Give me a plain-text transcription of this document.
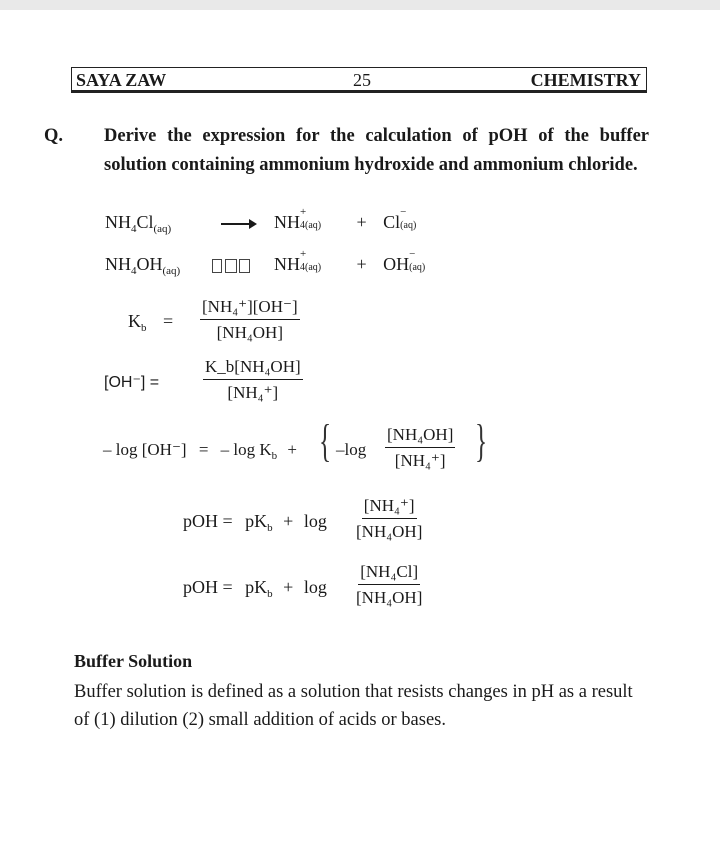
SAYA ZAW	25	CHEMISTRY
Q. Derive the expression for the calculation of pOH of the buffer solution containing ammonium hydroxide and ammonium chloride.
$NH_4Cl_{(aq)}$	NH +
4(aq) + Cl −
(aq)
$NH_4OH_{(aq)}$	NH +
4(aq) + OH −
(aq)
$K_b = \frac{\text{[NH₄⁺][OH⁻]}}{\text{[NH₄OH]}}$
[OH⁻] =	$\frac{\text{K\_b[NH₄OH]}}{\text{[NH₄⁺]}}$
– log [OH⁻] = – $\log K_b$ + { $-\log \frac{\text{[NH₄OH]}}{\text{[NH₄⁺]}}$ }
pOH = $pK_b + \log \frac{\text{[NH₄⁺]}}{\text{[NH₄OH]}}$
pOH = $pK_b + \log \frac{\text{[NH₄Cl]}}{\text{[NH₄OH]}}$
Buffer Solution
Buffer solution is defined as a solution that resists changes in pH as a result of (1) dilution (2) small addition of acids or bases.
